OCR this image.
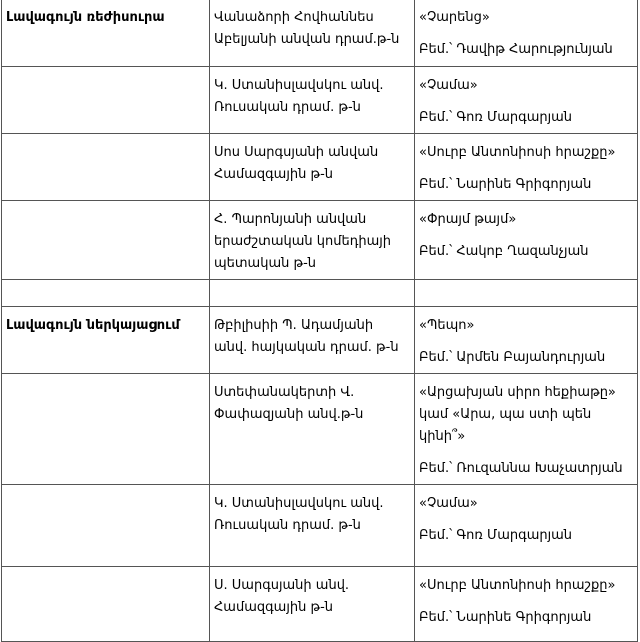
Լավագույն ռեժիսուրա	Վանաձորի Հովհաննես Աբելյանի անվան դրամ.թ-ն	«Չարենց»
Բեմ.՝ Դավիթ Հարությունյան

	Կ. Ստանիսլավսկու անվ. Ռուսական դրամ. թ-ն	«Չամա»
Բեմ.՝ Գոռ Մարգարյան

	Սոս Սարգսյանի անվան Համազգային թ-ն	«Սուրբ Անտոնիոսի հրաշքը»
Բեմ.՝ Նարինե Գրիգորյան

	Հ. Պարոնյանի անվան երաժշտական կոմեդիայի պետական թ-ն	«Փրայմ թայմ»
Բեմ.՝ Հակոբ Ղազանչյան

Լավագույն ներկայացում	Թբիլիսիի Պ. Ադամյանի անվ. հայկական դրամ. թ-ն	«Պեպո»
Բեմ.՝ Արմեն Բայանդուրյան

	Ստեփանակերտի Վ. Փափազյանի անվ.թ-ն	«Արցախյան սիրո հեքիաթը» կամ «Արա, պա ստի պեն կինի՞»
Բեմ.՝ Ռուզաննա Խաչատրյան

	Կ. Ստանիսլավսկու անվ. Ռուսական դրամ. թ-ն	«Չամա»
Բեմ.՝ Գոռ Մարգարյան

	Ս. Սարգսյանի անվ. Համազգային թ-ն	«Սուրբ Անտոնիոսի հրաշքը»
Բեմ.՝ Նարինե Գրիգորյան
